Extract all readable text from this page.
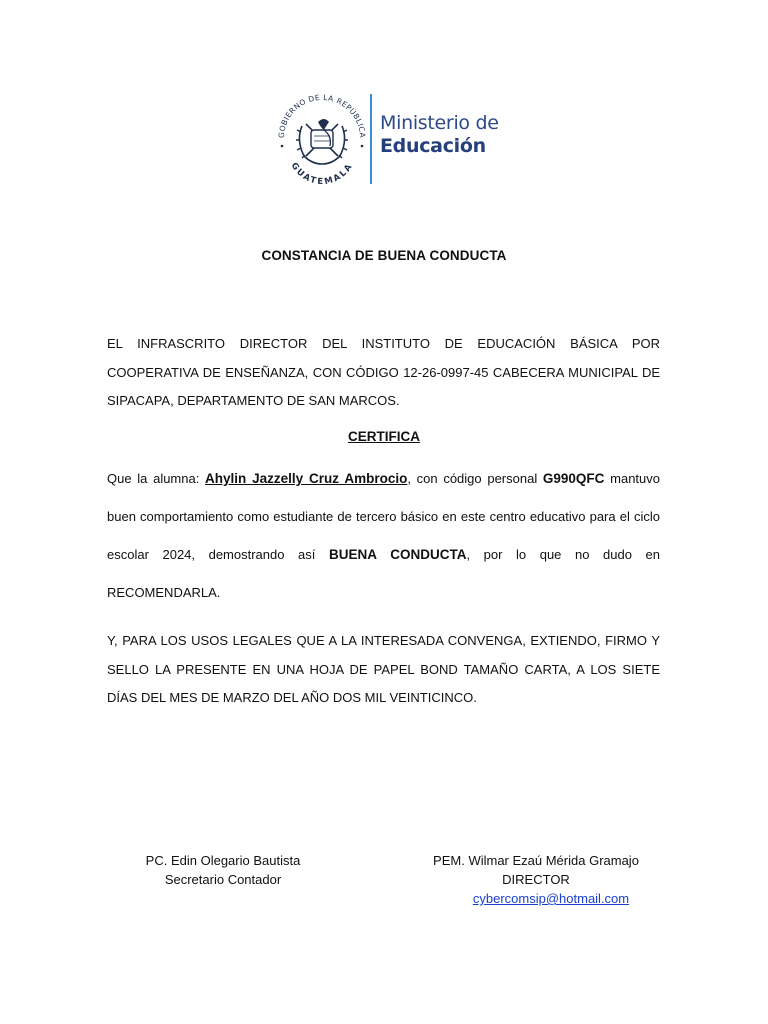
GOBIERNO DE LA REPÚBLICA
GUATEMALA
Ministerio de
Educación
CONSTANCIA DE BUENA CONDUCTA
EL INFRASCRITO DIRECTOR DEL INSTITUTO DE EDUCACIÓN BÁSICA POR COOPERATIVA DE ENSEÑANZA, CON CÓDIGO 12-26-0997-45 CABECERA MUNICIPAL DE SIPACAPA, DEPARTAMENTO DE SAN MARCOS.
CERTIFICA
Que la alumna: Ahylin Jazzelly Cruz Ambrocio, con código personal G990QFC mantuvo buen comportamiento como estudiante de tercero básico en este centro educativo para el ciclo escolar 2024, demostrando así BUENA CONDUCTA, por lo que no dudo en RECOMENDARLA.
Y, PARA LOS USOS LEGALES QUE A LA INTERESADA CONVENGA, EXTIENDO, FIRMO Y SELLO LA PRESENTE EN UNA HOJA DE PAPEL BOND TAMAÑO CARTA, A LOS SIETE DÍAS DEL MES DE MARZO DEL AÑO DOS MIL VEINTICINCO.
PC. Edin Olegario Bautista
Secretario Contador
PEM. Wilmar Ezaú Mérida Gramajo
DIRECTOR
cybercomsip@hotmail.com
